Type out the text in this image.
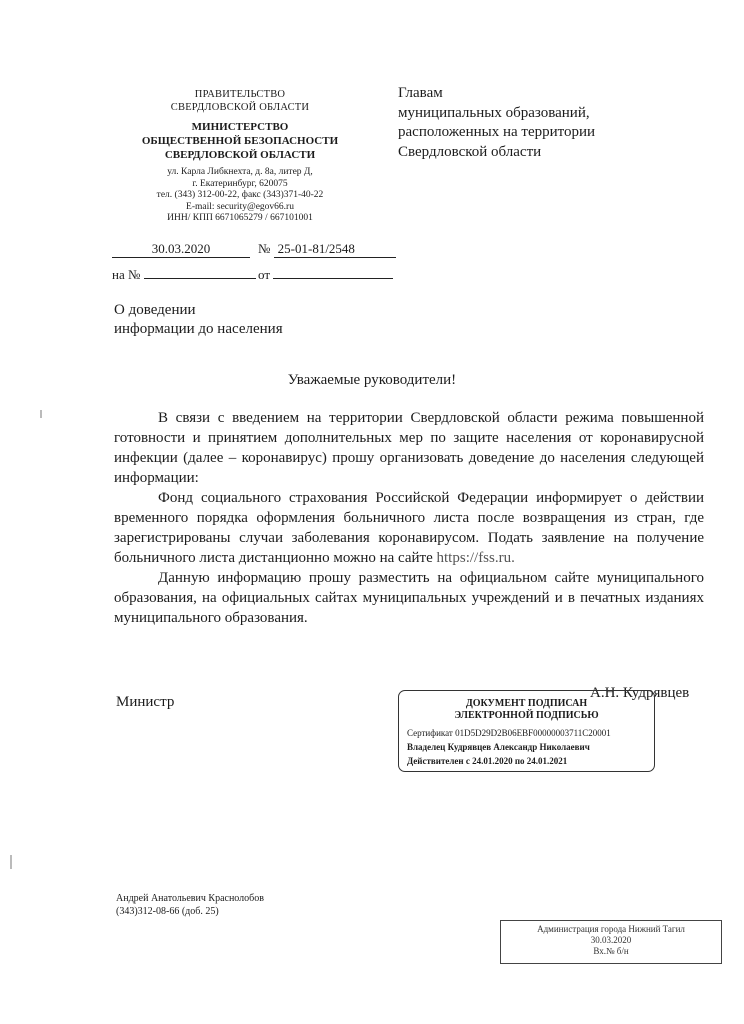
ПРАВИТЕЛЬСТВО
СВЕРДЛОВСКОЙ ОБЛАСТИ
МИНИСТЕРСТВО
ОБЩЕСТВЕННОЙ БЕЗОПАСНОСТИ
СВЕРДЛОВСКОЙ ОБЛАСТИ
ул. Карла Либкнехта, д. 8а, литер Д,
г. Екатеринбург, 620075
тел. (343) 312-00-22, факс (343)371-40-22
E-mail: security@egov66.ru
ИНН/ КПП 6671065279 / 667101001
Главам
муниципальных образований,
расположенных на территории
Свердловской области
30.03.2020	№ 25-01-81/2548
на №	от
О доведении
информации до населения
Уважаемые руководители!

В связи с введением на территории Свердловской области режима повышенной готовности и принятием дополнительных мер по защите населения от коронавирусной инфекции (далее – коронавирус) прошу организовать доведение до населения следующей информации:

Фонд социального страхования Российской Федерации информирует о действии временного порядка оформления больничного листа после возвращения из стран, где зарегистрированы случаи заболевания коронавирусом. Подать заявление на получение больничного листа дистанционно можно на сайте https://fss.ru.

Данную информацию прошу разместить на официальном сайте муниципального образования, на официальных сайтах муниципальных учреждений и в печатных изданиях муниципального образования.

Министр
А.Н. Кудрявцев
ДОКУМЕНТ ПОДПИСАН
ЭЛЕКТРОННОЙ ПОДПИСЬЮ
Сертификат 01D5D29D2B06EBF00000003711C20001
Владелец Кудрявцев Александр Николаевич
Действителен с 24.01.2020 по 24.01.2021
Андрей Анатольевич Краснолобов
(343)312-08-66 (доб. 25)
Администрация города Нижний Тагил
30.03.2020
Вх.№ б/н
